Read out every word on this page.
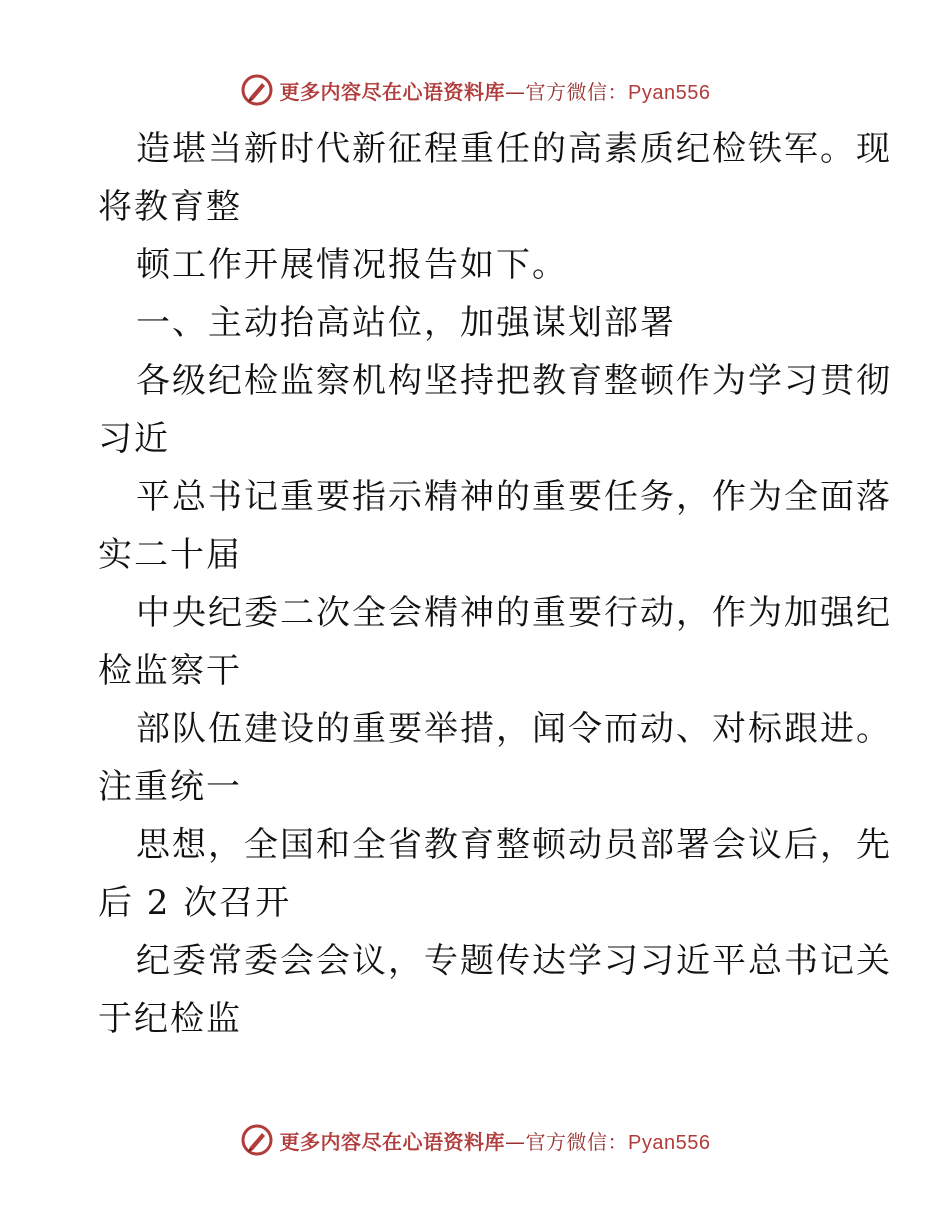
更多内容尽在心语资料库—官方微信：Pyan556
造堪当新时代新征程重任的高素质纪检铁军。现
将教育整
顿工作开展情况报告如下。
一、主动抬高站位，加强谋划部署
各级纪检监察机构坚持把教育整顿作为学习贯彻
习近
平总书记重要指示精神的重要任务，作为全面落
实二十届
中央纪委二次全会精神的重要行动，作为加强纪
检监察干
部队伍建设的重要举措，闻令而动、对标跟进。
注重统一
思想，全国和全省教育整顿动员部署会议后，先
后 2 次召开
纪委常委会会议，专题传达学习习近平总书记关
于纪检监
更多内容尽在心语资料库—官方微信：Pyan556
